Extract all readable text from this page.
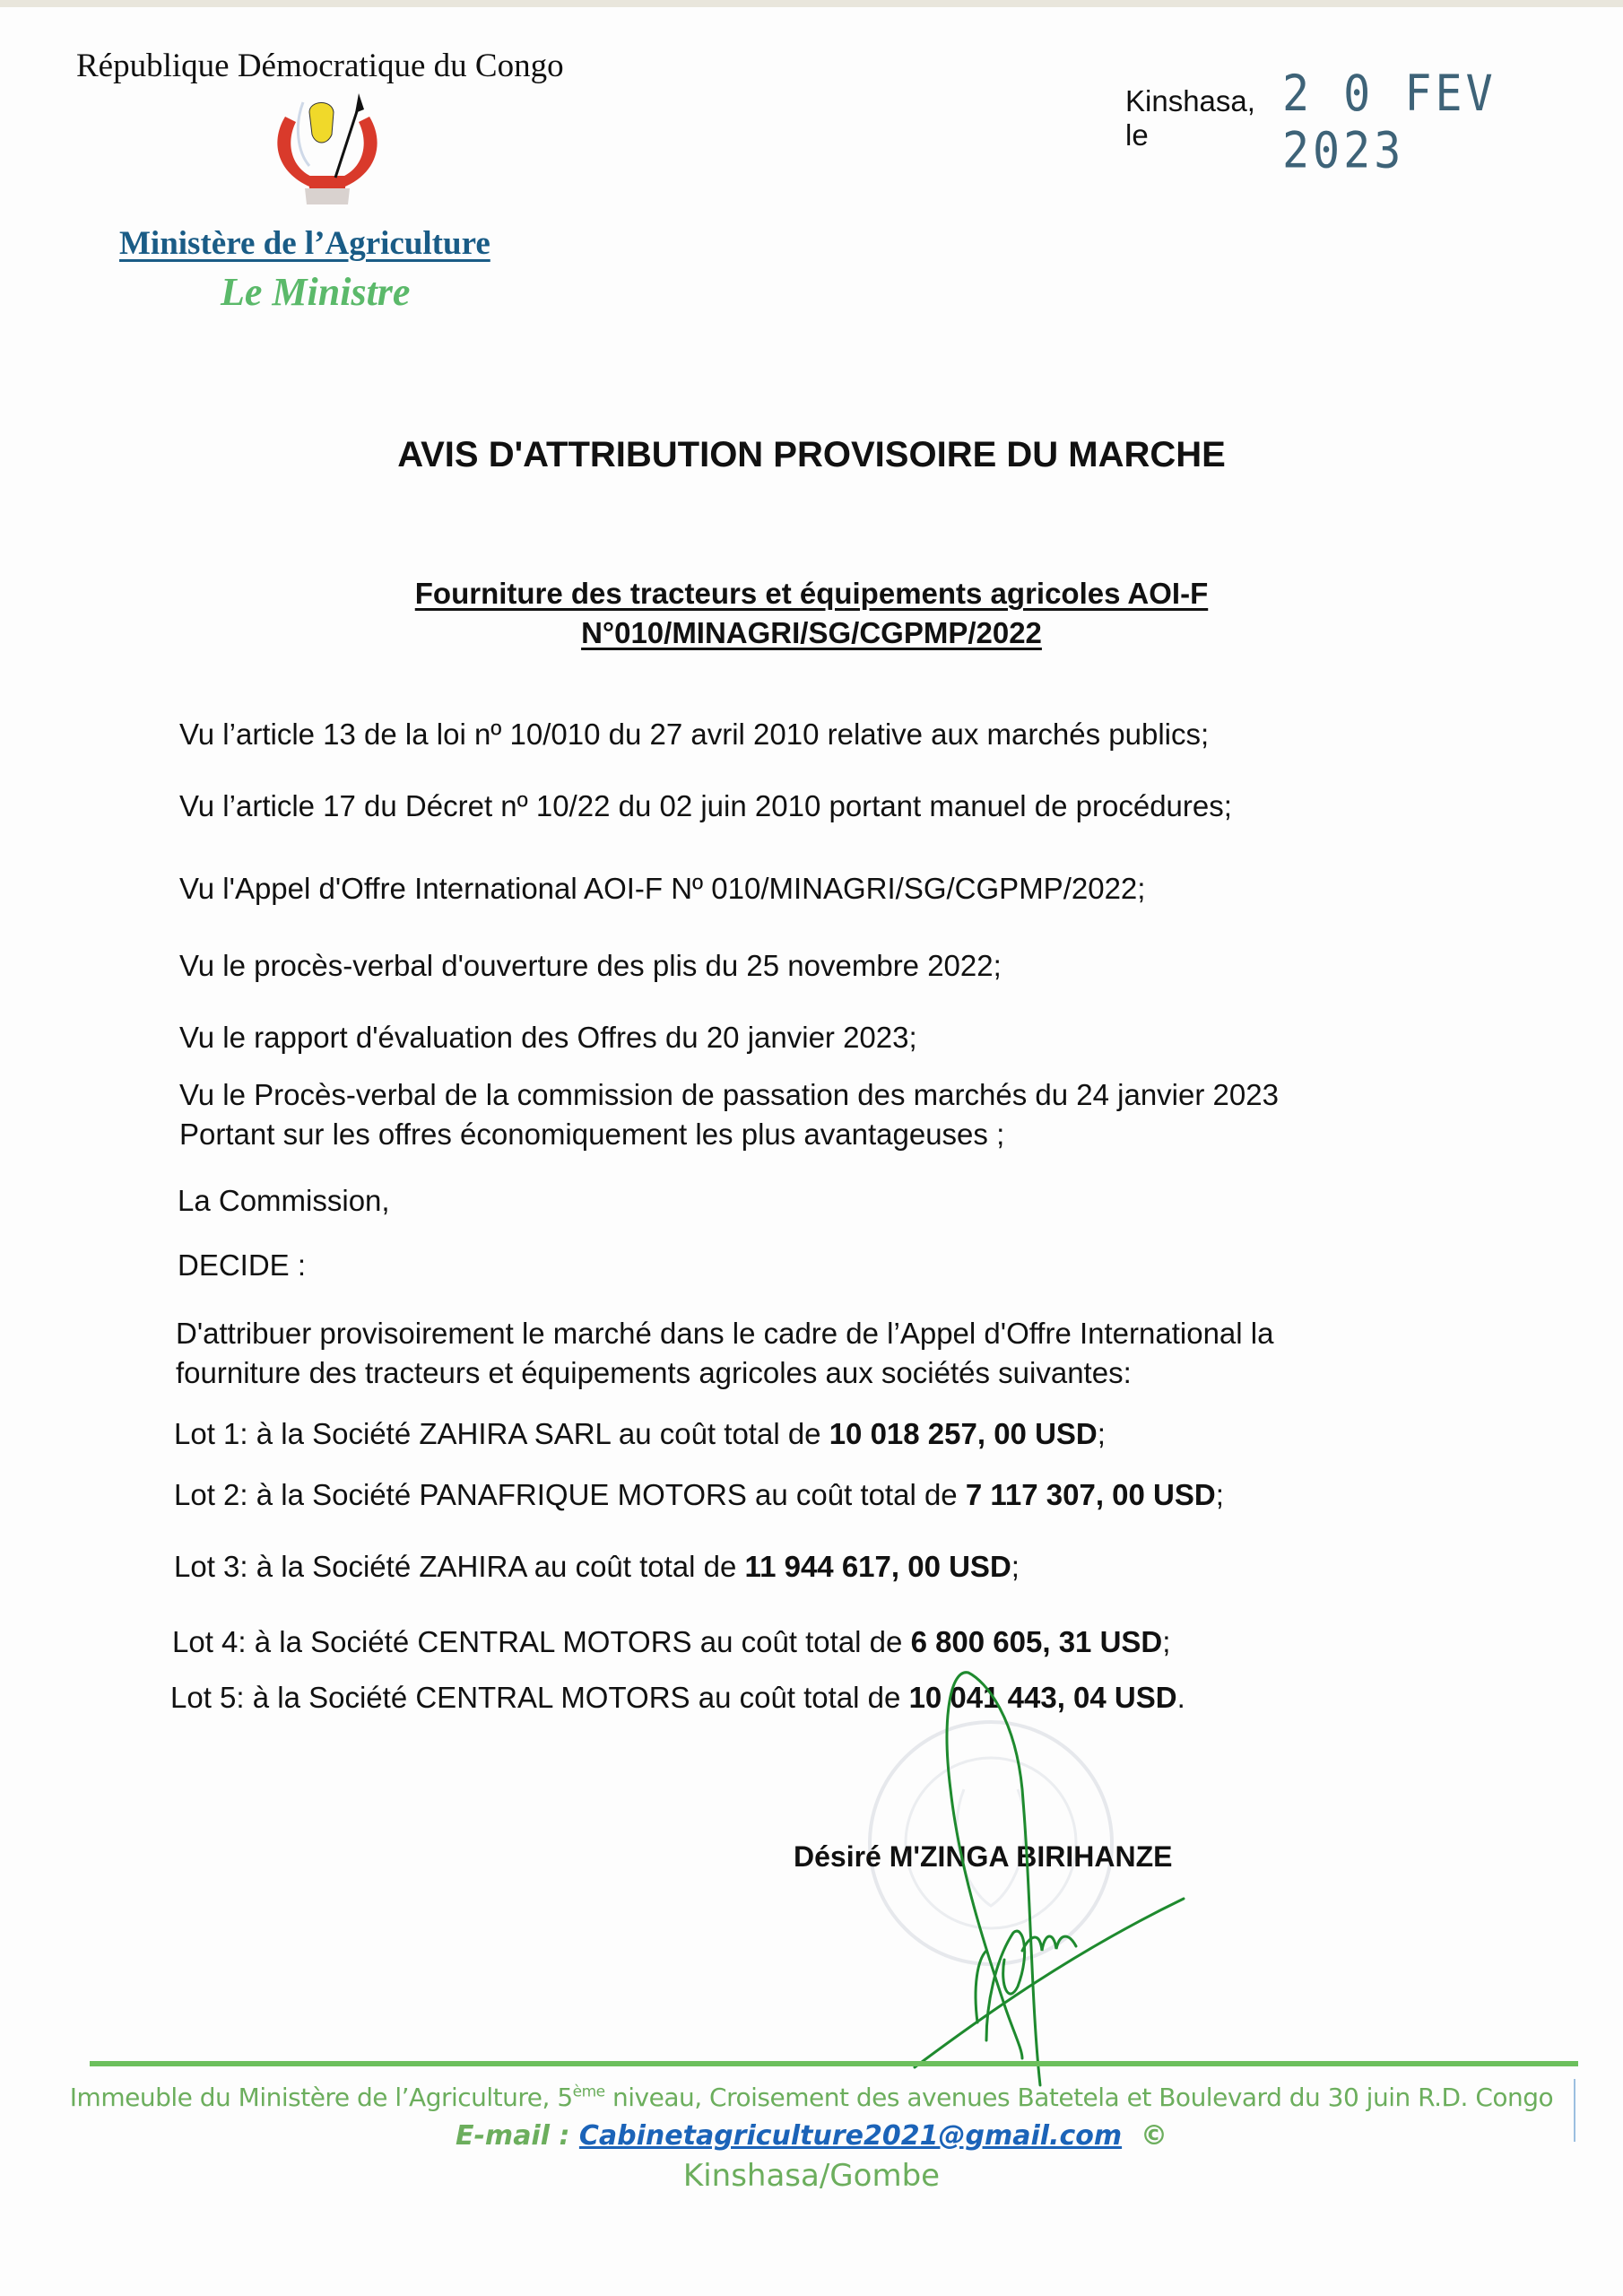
République Démocratique du Congo
Ministère de l’Agriculture
Le Ministre
Kinshasa, le
2 0 FEV 2023
AVIS D'ATTRIBUTION PROVISOIRE DU MARCHE
Fourniture des tracteurs et équipements agricoles AOI-F
N°010/MINAGRI/SG/CGPMP/2022
Vu l’article 13 de la loi nº 10/010 du 27 avril 2010 relative aux marchés publics;
Vu l’article 17 du Décret nº 10/22 du 02 juin 2010 portant manuel de procédures;
Vu l'Appel d'Offre International AOI-F Nº 010/MINAGRI/SG/CGPMP/2022;
Vu le procès-verbal d'ouverture des plis du 25 novembre 2022;
Vu le rapport d'évaluation des Offres du 20 janvier 2023;
Vu le Procès-verbal de la commission de passation des marchés du 24 janvier 2023
Portant sur les offres économiquement les plus avantageuses ;
La Commission,
DECIDE :
D'attribuer provisoirement le marché dans le cadre de l’Appel d'Offre International la
fourniture des tracteurs et équipements agricoles aux sociétés suivantes:
Lot 1: à la Société ZAHIRA SARL au coût total de 10 018 257, 00 USD;
Lot 2: à la Société PANAFRIQUE MOTORS au coût total de 7 117 307, 00 USD;
Lot 3: à la Société ZAHIRA au coût total de 11 944 617, 00 USD;
Lot 4: à la Société CENTRAL MOTORS au coût total de 6 800 605, 31 USD;
Lot 5: à la Société CENTRAL MOTORS au coût total de 10 041 443, 04 USD.
Désiré M'ZINGA BIRIHANZE
Immeuble du Ministère de l’Agriculture, 5ème niveau, Croisement des avenues Batetela et Boulevard du 30 juin R.D. Congo
E-mail : Cabinetagriculture2021@gmail.com ©
Kinshasa/Gombe
